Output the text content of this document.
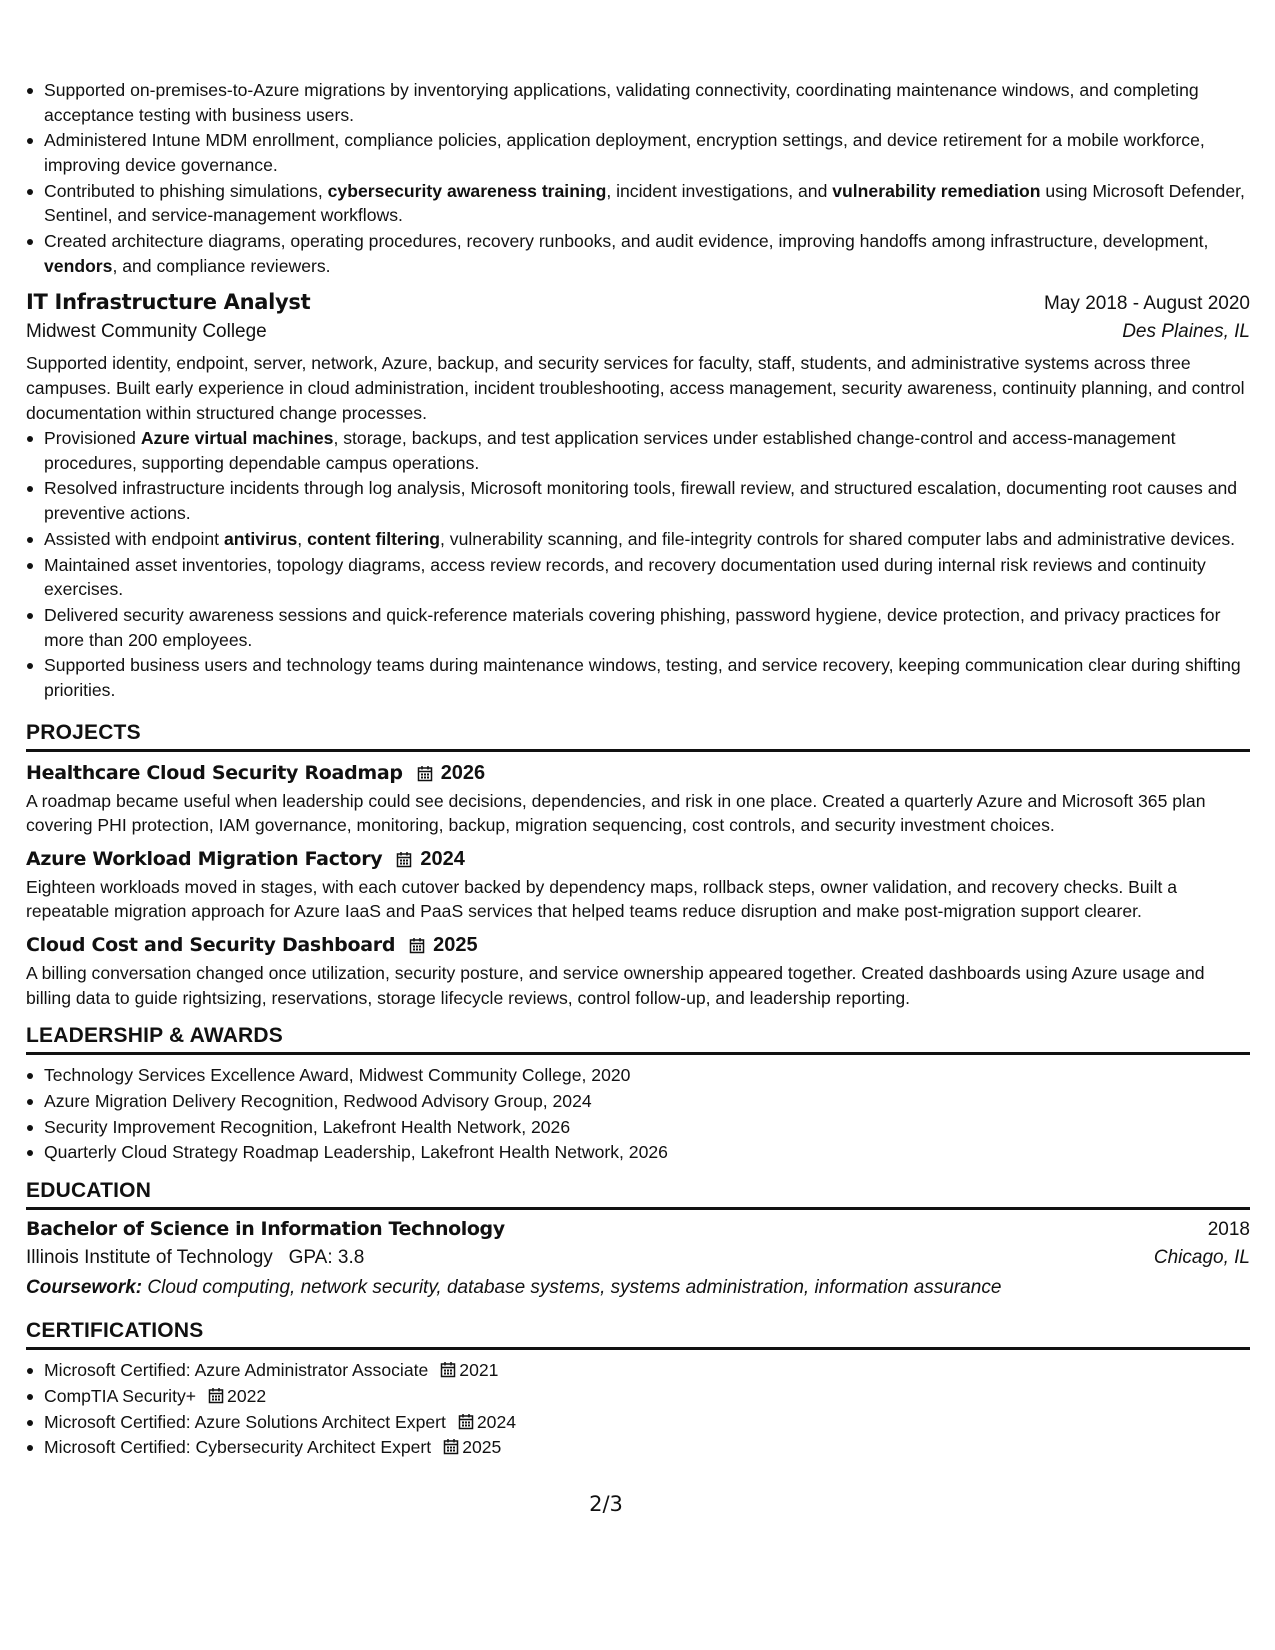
Supported on-premises-to-Azure migrations by inventorying applications, validating connectivity, coordinating maintenance windows, and completing acceptance testing with business users.
Administered Intune MDM enrollment, compliance policies, application deployment, encryption settings, and device retirement for a mobile workforce, improving device governance.
Contributed to phishing simulations, cybersecurity awareness training, incident investigations, and vulnerability remediation using Microsoft Defender, Sentinel, and service-management workflows.
Created architecture diagrams, operating procedures, recovery runbooks, and audit evidence, improving handoffs among infrastructure, development, vendors, and compliance reviewers.
IT Infrastructure Analyst	May 2018 - August 2020
Midwest Community College	Des Plaines, IL
Supported identity, endpoint, server, network, Azure, backup, and security services for faculty, staff, students, and administrative systems across three campuses. Built early experience in cloud administration, incident troubleshooting, access management, security awareness, continuity planning, and control documentation within structured change processes.
Provisioned Azure virtual machines, storage, backups, and test application services under established change-control and access-management procedures, supporting dependable campus operations.
Resolved infrastructure incidents through log analysis, Microsoft monitoring tools, firewall review, and structured escalation, documenting root causes and preventive actions.
Assisted with endpoint antivirus, content filtering, vulnerability scanning, and file-integrity controls for shared computer labs and administrative devices.
Maintained asset inventories, topology diagrams, access review records, and recovery documentation used during internal risk reviews and continuity exercises.
Delivered security awareness sessions and quick-reference materials covering phishing, password hygiene, device protection, and privacy practices for more than 200 employees.
Supported business users and technology teams during maintenance windows, testing, and service recovery, keeping communication clear during shifting priorities.
PROJECTS
Healthcare Cloud Security Roadmap 2026
A roadmap became useful when leadership could see decisions, dependencies, and risk in one place. Created a quarterly Azure and Microsoft 365 plan covering PHI protection, IAM governance, monitoring, backup, migration sequencing, cost controls, and security investment choices.
Azure Workload Migration Factory 2024
Eighteen workloads moved in stages, with each cutover backed by dependency maps, rollback steps, owner validation, and recovery checks. Built a repeatable migration approach for Azure IaaS and PaaS services that helped teams reduce disruption and make post-migration support clearer.
Cloud Cost and Security Dashboard 2025
A billing conversation changed once utilization, security posture, and service ownership appeared together. Created dashboards using Azure usage and billing data to guide rightsizing, reservations, storage lifecycle reviews, control follow-up, and leadership reporting.
LEADERSHIP & AWARDS
Technology Services Excellence Award, Midwest Community College, 2020
Azure Migration Delivery Recognition, Redwood Advisory Group, 2024
Security Improvement Recognition, Lakefront Health Network, 2026
Quarterly Cloud Strategy Roadmap Leadership, Lakefront Health Network, 2026
EDUCATION
Bachelor of Science in Information Technology	2018
Illinois Institute of Technology GPA: 3.8	Chicago, IL
Coursework: Cloud computing, network security, database systems, systems administration, information assurance
CERTIFICATIONS
Microsoft Certified: Azure Administrator Associate 2021
CompTIA Security+ 2022
Microsoft Certified: Azure Solutions Architect Expert 2024
Microsoft Certified: Cybersecurity Architect Expert 2025
2/3
